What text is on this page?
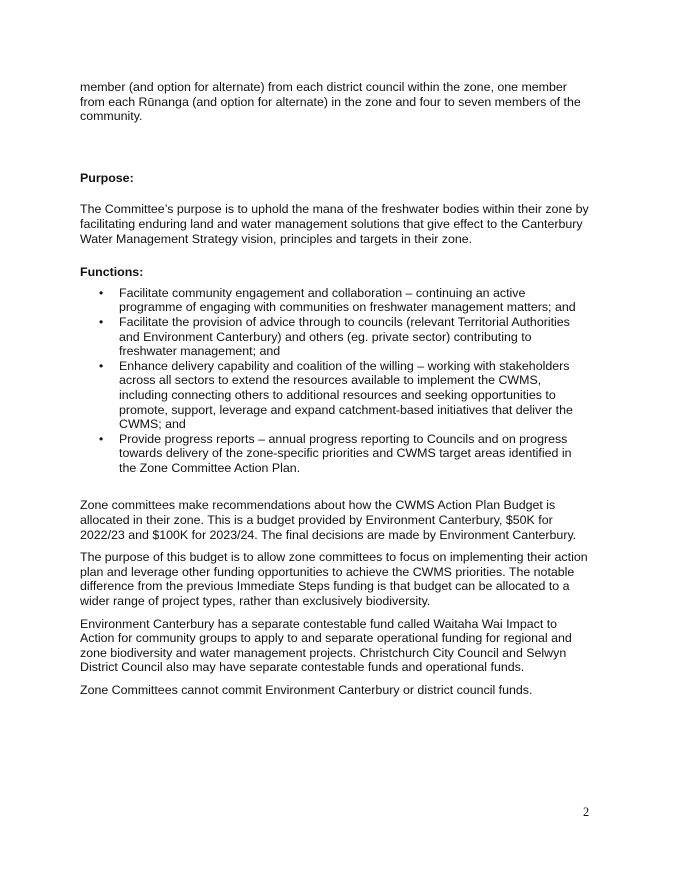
member (and option for alternate) from each district council within the zone, one member from each Rūnanga (and option for alternate) in the zone and four to seven members of the community.

Purpose:

The Committee’s purpose is to uphold the mana of the freshwater bodies within their zone by facilitating enduring land and water management solutions that give effect to the Canterbury Water Management Strategy vision, principles and targets in their zone.

Functions:
• Facilitate community engagement and collaboration – continuing an active programme of engaging with communities on freshwater management matters; and
• Facilitate the provision of advice through to councils (relevant Territorial Authorities and Environment Canterbury) and others (eg. private sector) contributing to freshwater management; and
• Enhance delivery capability and coalition of the willing – working with stakeholders across all sectors to extend the resources available to implement the CWMS, including connecting others to additional resources and seeking opportunities to promote, support, leverage and expand catchment-based initiatives that deliver the CWMS; and
• Provide progress reports – annual progress reporting to Councils and on progress towards delivery of the zone-specific priorities and CWMS target areas identified in the Zone Committee Action Plan.

Zone committees make recommendations about how the CWMS Action Plan Budget is allocated in their zone. This is a budget provided by Environment Canterbury, $50K for 2022/23 and $100K for 2023/24. The final decisions are made by Environment Canterbury.

The purpose of this budget is to allow zone committees to focus on implementing their action plan and leverage other funding opportunities to achieve the CWMS priorities. The notable difference from the previous Immediate Steps funding is that budget can be allocated to a wider range of project types, rather than exclusively biodiversity.

Environment Canterbury has a separate contestable fund called Waitaha Wai Impact to Action for community groups to apply to and separate operational funding for regional and zone biodiversity and water management projects. Christchurch City Council and Selwyn District Council also may have separate contestable funds and operational funds.

Zone Committees cannot commit Environment Canterbury or district council funds.

2
